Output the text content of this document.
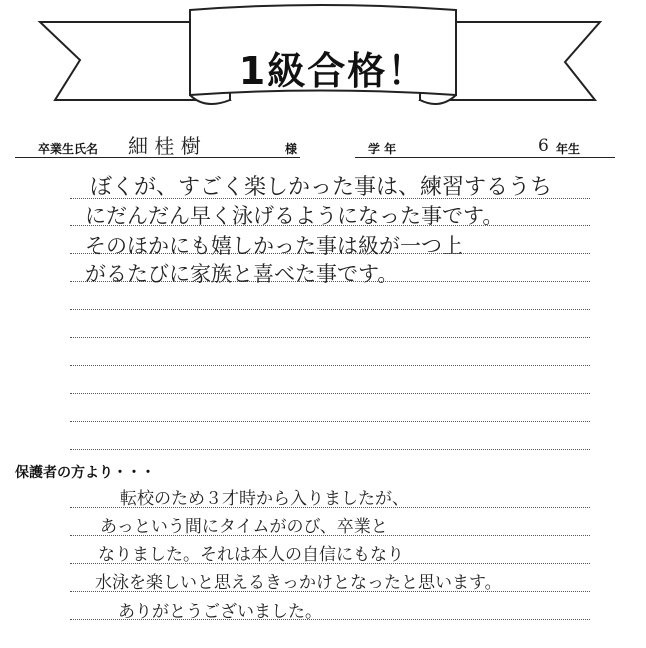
1級合格！
卒業生氏名 細 桂 樹	様	学 年	6 年生
ぼくが、すごく楽しかった事は、練習するうち
にだんだん早く泳げるようになった事です。
そのほかにも嬉しかった事は級が一つ上
がるたびに家族と喜べた事です。
保護者の方より・・・
転校のため３才時から入りましたが、
あっという間にタイムがのび、卒業と
なりました。それは本人の自信にもなり
水泳を楽しいと思えるきっかけとなったと思います。
ありがとうございました。
